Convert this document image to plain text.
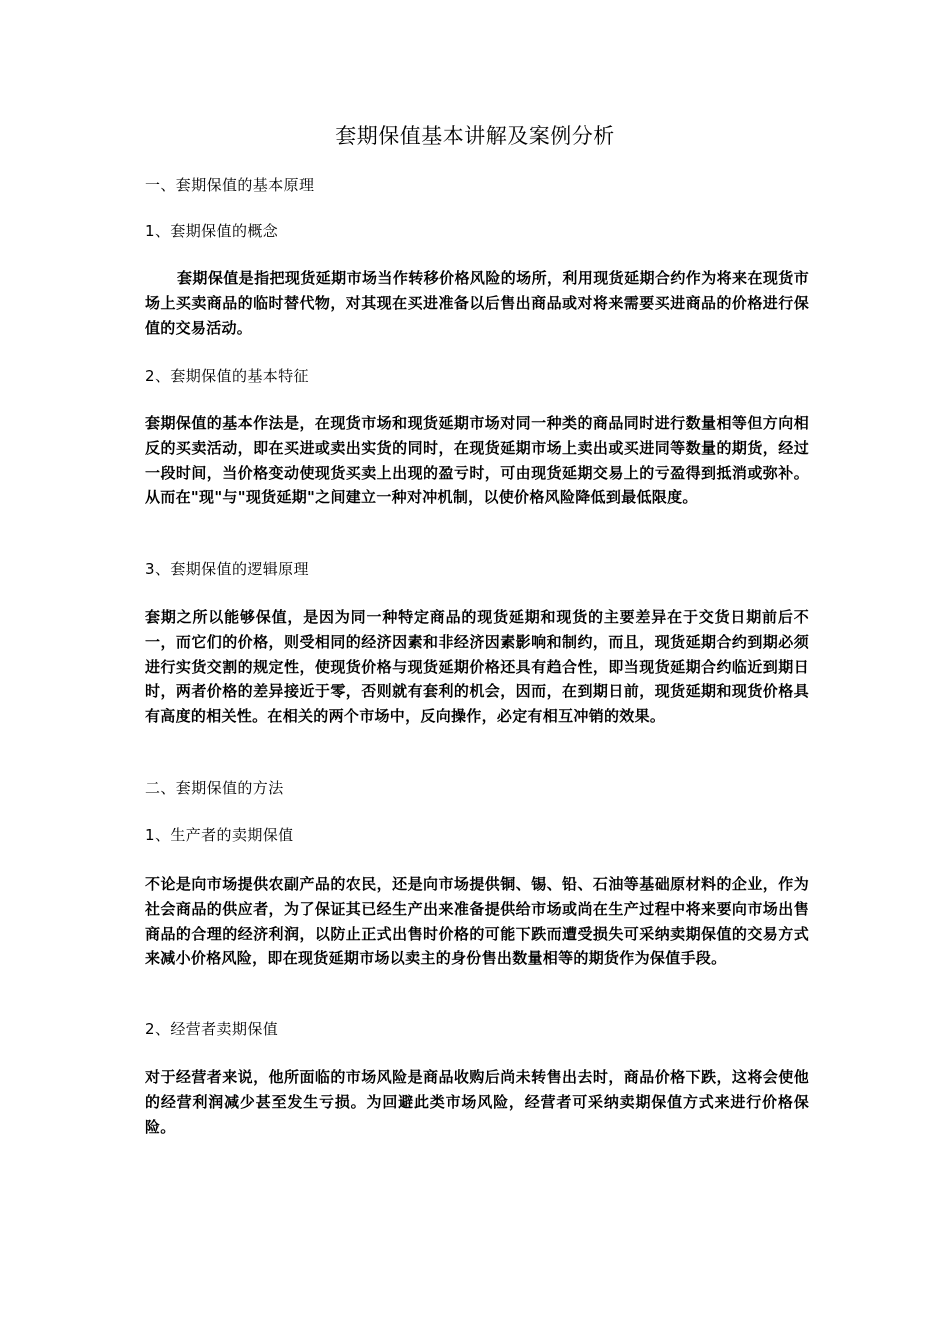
套期保值基本讲解及案例分析
一、套期保值的基本原理
1、套期保值的概念

套期保值是指把现货延期市场当作转移价格风险的场所，利用现货延期合约作为将来在现货市场上买卖商品的临时替代物，对其现在买进准备以后售出商品或对将来需要买进商品的价格进行保值的交易活动。

2、套期保值的基本特征

套期保值的基本作法是，在现货市场和现货延期市场对同一种类的商品同时进行数量相等但方向相反的买卖活动，即在买进或卖出实货的同时，在现货延期市场上卖出或买进同等数量的期货，经过一段时间，当价格变动使现货买卖上出现的盈亏时，可由现货延期交易上的亏盈得到抵消或弥补。从而在"现"与"现货延期"之间建立一种对冲机制，以使价格风险降低到最低限度。

3、套期保值的逻辑原理

套期之所以能够保值，是因为同一种特定商品的现货延期和现货的主要差异在于交货日期前后不一，而它们的价格，则受相同的经济因素和非经济因素影响和制约，而且，现货延期合约到期必须进行实货交割的规定性，使现货价格与现货延期价格还具有趋合性，即当现货延期合约临近到期日时，两者价格的差异接近于零，否则就有套利的机会，因而，在到期日前，现货延期和现货价格具有高度的相关性。在相关的两个市场中，反向操作，必定有相互冲销的效果。

二、套期保值的方法
1、生产者的卖期保值

不论是向市场提供农副产品的农民，还是向市场提供铜、锡、铅、石油等基础原材料的企业，作为社会商品的供应者，为了保证其已经生产出来准备提供给市场或尚在生产过程中将来要向市场出售商品的合理的经济利润，以防止正式出售时价格的可能下跌而遭受损失可采纳卖期保值的交易方式来减小价格风险，即在现货延期市场以卖主的身份售出数量相等的期货作为保值手段。

2、经营者卖期保值

对于经营者来说，他所面临的市场风险是商品收购后尚未转售出去时，商品价格下跌，这将会使他的经营利润减少甚至发生亏损。为回避此类市场风险，经营者可采纳卖期保值方式来进行价格保险。
